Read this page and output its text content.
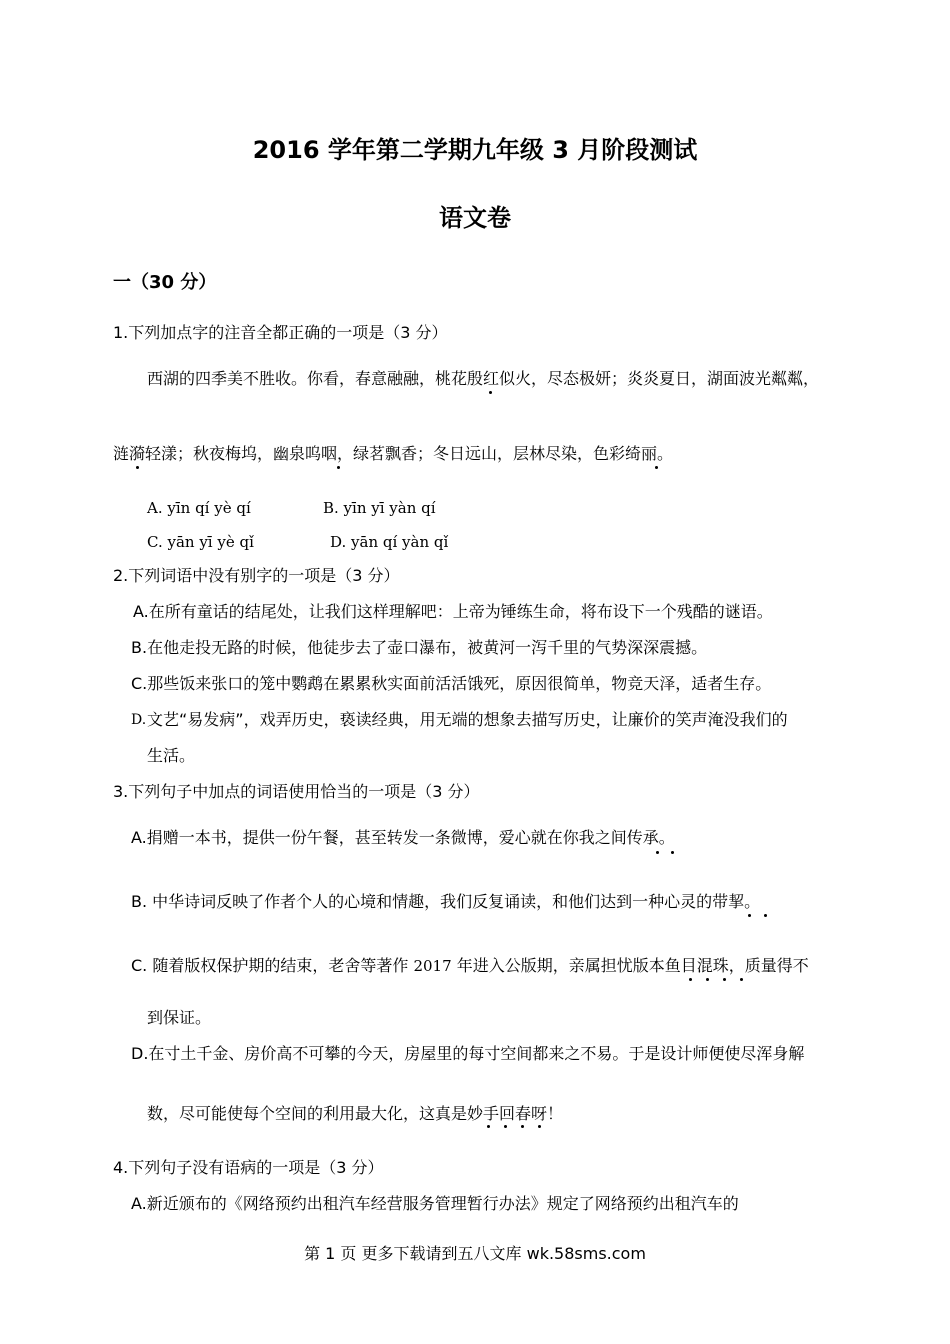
2016 学年第二学期九年级 3 月阶段测试
语文卷
一（30 分）
1.下列加点字的注音全都正确的一项是（3 分）
西湖的四季美不胜收。你看，春意融融，桃花殷红似火，尽态极妍；炎炎夏日，湖面波光粼粼，
涟漪轻漾；秋夜梅坞，幽泉呜咽，绿茗飘香；冬日远山，层林尽染，色彩绮丽。
A. yīn qí yè qí	B. yīn yī yàn qí
C. yān yī yè qǐ	D. yān qí yàn qǐ
2.下列词语中没有别字的一项是（3 分）
A.在所有童话的结尾处，让我们这样理解吧：上帝为锤练生命，将布设下一个残酷的谜语。
B.在他走投无路的时候，他徒步去了壶口瀑布，被黄河一泻千里的气势深深震撼。
C.那些饭来张口的笼中鹦鹉在累累秋实面前活活饿死，原因很简单，物竞天泽，适者生存。
D. 文艺“易发病”，戏弄历史，亵读经典，用无端的想象去描写历史，让廉价的笑声淹没我们的
生活。
3.下列句子中加点的词语使用恰当的一项是（3 分）
A.捐赠一本书，提供一份午餐，甚至转发一条微博，爱心就在你我之间传承。
B. 中华诗词反映了作者个人的心境和情趣，我们反复诵读，和他们达到一种心灵的带挈。
C. 随着版权保护期的结束，老舍等著作 2017 年进入公版期，亲属担忧版本鱼目混珠，质量得不
到保证。
D.在寸土千金、房价高不可攀的今天，房屋里的每寸空间都来之不易。于是设计师便使尽浑身解
数，尽可能使每个空间的利用最大化，这真是妙手回春呀！
4.下列句子没有语病的一项是（3 分）
A.新近颁布的《网络预约出租汽车经营服务管理暂行办法》规定了网络预约出租汽车的
第 1 页 更多下载请到五八文库 wk.58sms.com
